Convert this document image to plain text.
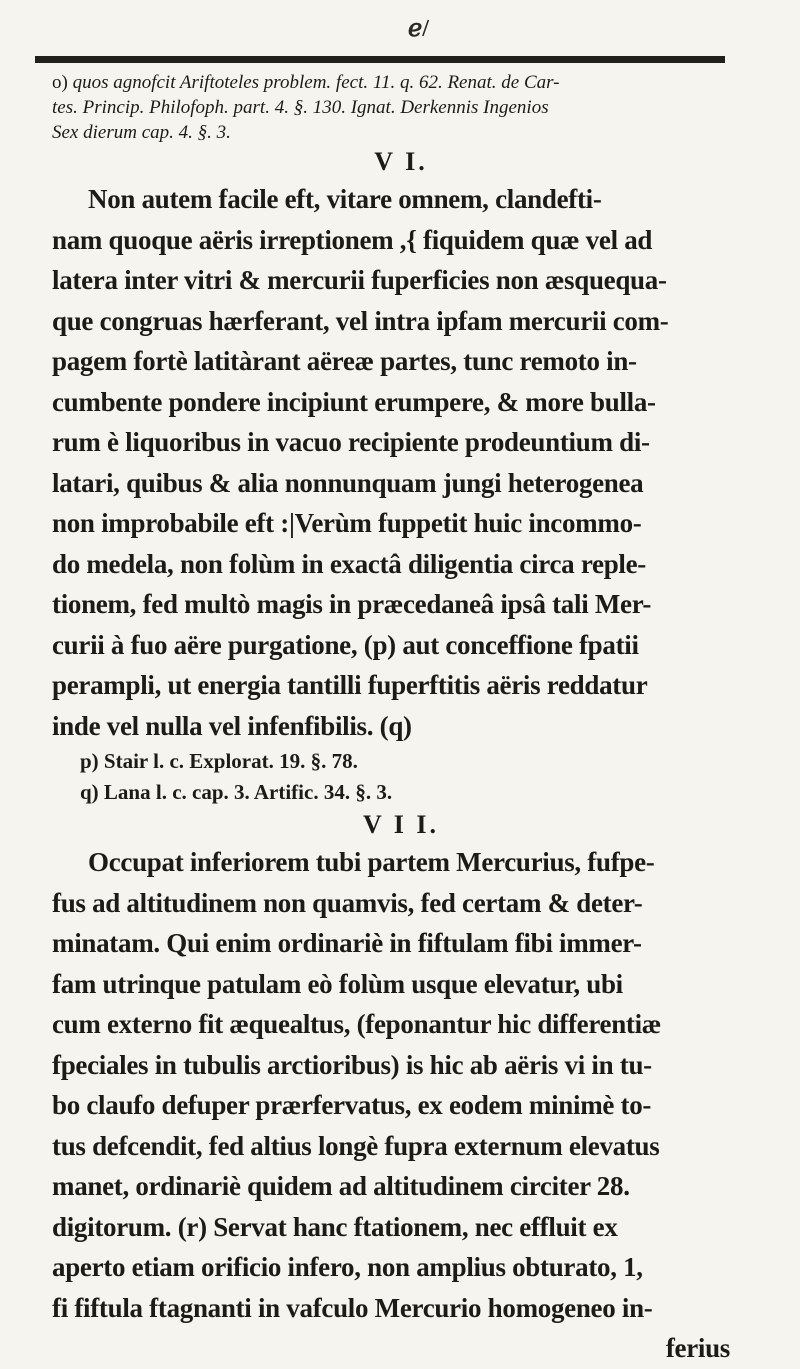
ℯ/
o) quos agnofcit Ariftoteles problem. fect. 11. q. 62. Renat. de Car-
tes. Princip. Philofoph. part. 4. §. 130. Ignat. Derkennis Ingenios
Sex dierum cap. 4. §. 3.
V I.
Non autem facile eft, vitare omnem, clandefti-
nam quoque aëris irreptionem ,{ fiquidem quæ vel ad
latera inter vitri & mercurii fuperficies non æsquequa-
que congruas hærferant, vel intra ipfam mercurii com-
pagem fortè latitàrant aëreæ partes, tunc remoto in-
cumbente pondere incipiunt erumpere, & more bulla-
rum è liquoribus in vacuo recipiente prodeuntium di-
latari, quibus & alia nonnunquam jungi heterogenea
non improbabile eft :|Verùm fuppetit huic incommo-
do medela, non folùm in exactâ diligentia circa reple-
tionem, fed multò magis in præcedaneâ ipsâ tali Mer-
curii à fuo aëre purgatione, (p) aut conceffione fpatii
perampli, ut energia tantilli fuperftitis aëris reddatur
inde vel nulla vel infenfibilis. (q)
p) Stair l. c. Explorat. 19. §. 78.
q) Lana l. c. cap. 3. Artific. 34. §. 3.
V I I.
Occupat inferiorem tubi partem Mercurius, fufpe-
fus ad altitudinem non quamvis, fed certam & deter-
minatam. Qui enim ordinariè in fiftulam fibi immer-
fam utrinque patulam eò folùm usque elevatur, ubi
cum externo fit æquealtus, (feponantur hic differentiæ
fpeciales in tubulis arctioribus) is hic ab aëris vi in tu-
bo claufo defuper prærfervatus, ex eodem minimè to-
tus defcendit, fed altius longè fupra externum elevatus
manet, ordinariè quidem ad altitudinem circiter 28.
digitorum. (r) Servat hanc ftationem, nec effluit ex
aperto etiam orificio infero, non amplius obturato, 1,
fi fiftula ftagnanti in vafculo Mercurio homogeneo in-
ferius
